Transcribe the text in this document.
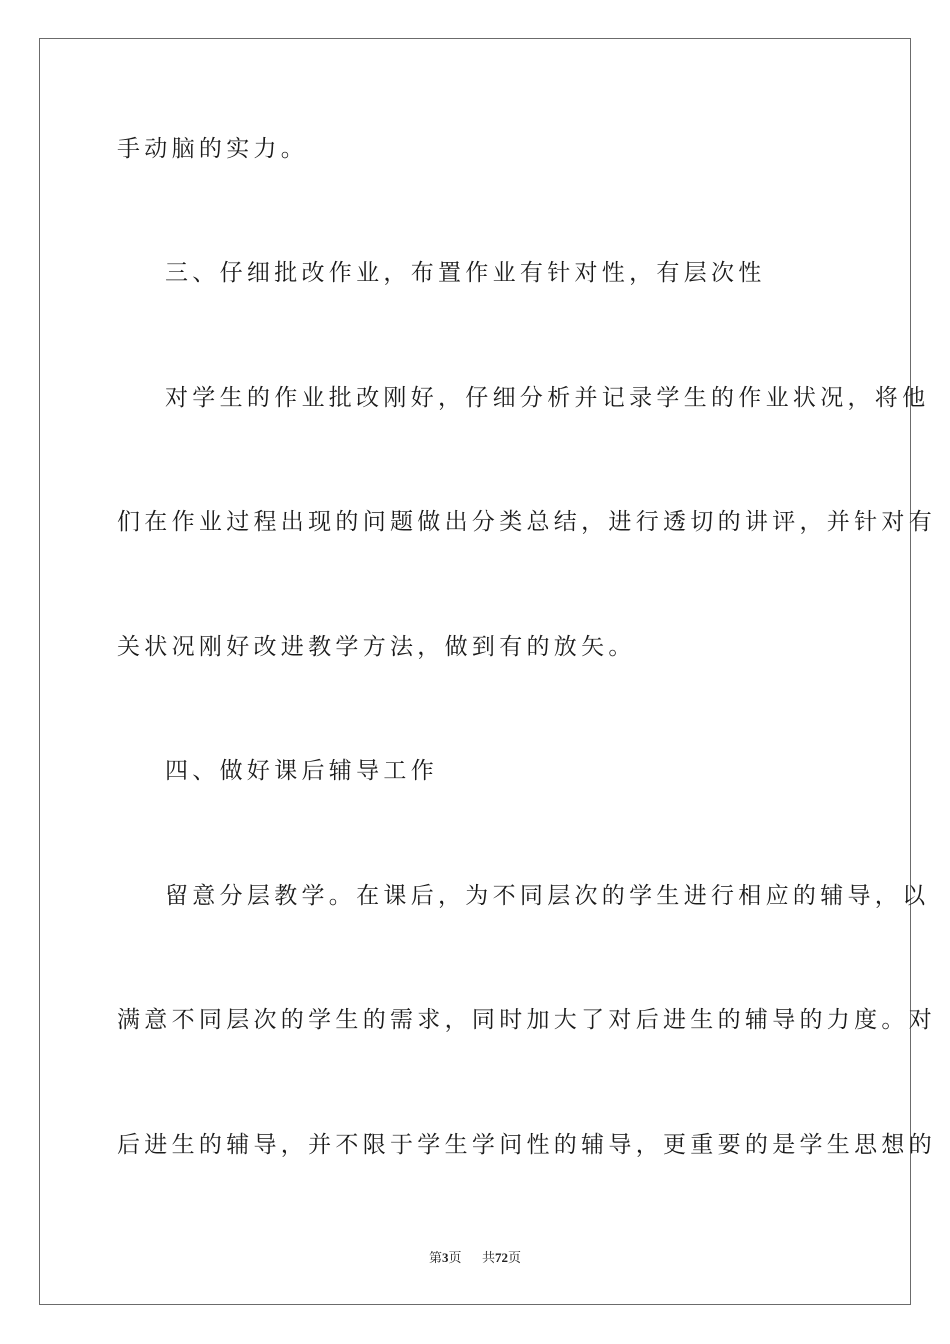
手动脑的实力。
三、仔细批改作业，布置作业有针对性，有层次性
对学生的作业批改刚好，仔细分析并记录学生的作业状况，将他
们在作业过程出现的问题做出分类总结，进行透切的讲评，并针对有
关状况刚好改进教学方法，做到有的放矢。
四、做好课后辅导工作
留意分层教学。在课后，为不同层次的学生进行相应的辅导，以
满意不同层次的学生的需求，同时加大了对后进生的辅导的力度。对
后进生的辅导，并不限于学生学问性的辅导，更重要的是学生思想的
第3页 共72页
